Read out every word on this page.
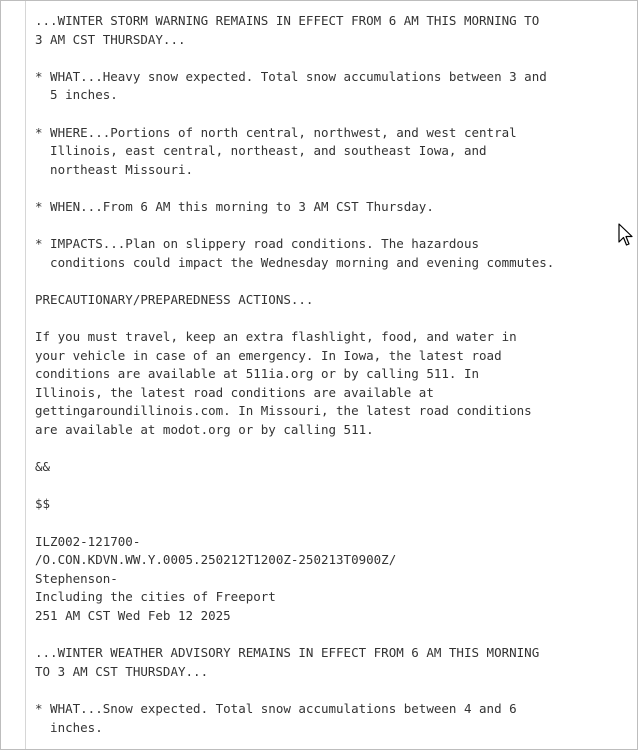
...WINTER STORM WARNING REMAINS IN EFFECT FROM 6 AM THIS MORNING TO
3 AM CST THURSDAY...
* WHAT...Heavy snow expected. Total snow accumulations between 3 and
5 inches.
* WHERE...Portions of north central, northwest, and west central
Illinois, east central, northeast, and southeast Iowa, and
northeast Missouri.
* WHEN...From 6 AM this morning to 3 AM CST Thursday.
* IMPACTS...Plan on slippery road conditions. The hazardous
conditions could impact the Wednesday morning and evening commutes.
PRECAUTIONARY/PREPAREDNESS ACTIONS...
If you must travel, keep an extra flashlight, food, and water in
your vehicle in case of an emergency. In Iowa, the latest road
conditions are available at 511ia.org or by calling 511. In
Illinois, the latest road conditions are available at
gettingaroundillinois.com. In Missouri, the latest road conditions
are available at modot.org or by calling 511.
&&
$$
ILZ002-121700-
/O.CON.KDVN.WW.Y.0005.250212T1200Z-250213T0900Z/
Stephenson-
Including the cities of Freeport
251 AM CST Wed Feb 12 2025
...WINTER WEATHER ADVISORY REMAINS IN EFFECT FROM 6 AM THIS MORNING
TO 3 AM CST THURSDAY...
* WHAT...Snow expected. Total snow accumulations between 4 and 6
inches.
